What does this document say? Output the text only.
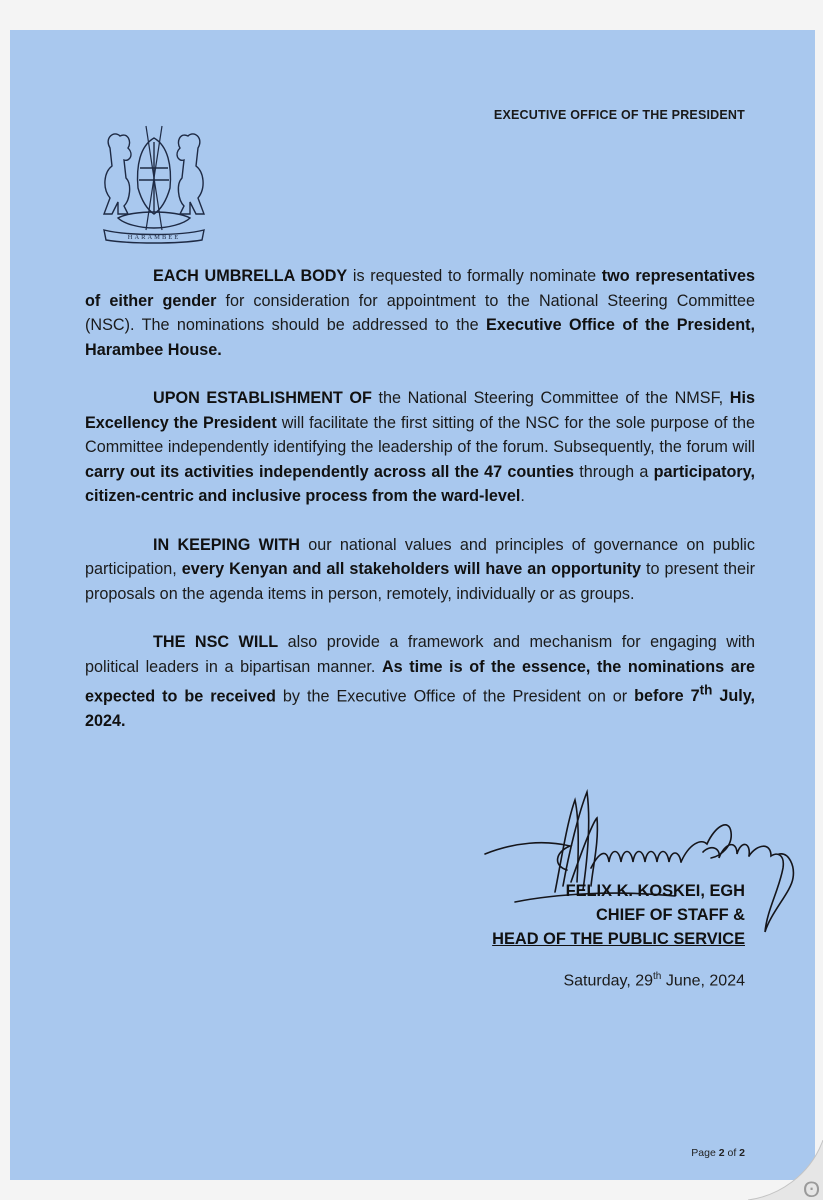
EXECUTIVE OFFICE OF THE PRESIDENT
HARAMBEE

EACH UMBRELLA BODY is requested to formally nominate two representatives of either gender for consideration for appointment to the National Steering Committee (NSC). The nominations should be addressed to the Executive Office of the President, Harambee House.

UPON ESTABLISHMENT OF the National Steering Committee of the NMSF, His Excellency the President will facilitate the first sitting of the NSC for the sole purpose of the Committee independently identifying the leadership of the forum. Subsequently, the forum will carry out its activities independently across all the 47 counties through a participatory, citizen-centric and inclusive process from the ward-level.

IN KEEPING WITH our national values and principles of governance on public participation, every Kenyan and all stakeholders will have an opportunity to present their proposals on the agenda items in person, remotely, individually or as groups.

THE NSC WILL also provide a framework and mechanism for engaging with political leaders in a bipartisan manner. As time is of the essence, the nominations are expected to be received by the Executive Office of the President on or before 7th July, 2024.

FELIX K. KOSKEI, EGH
CHIEF OF STAFF &
HEAD OF THE PUBLIC SERVICE
Saturday, 29th June, 2024
Page 2 of 2
ʘ
